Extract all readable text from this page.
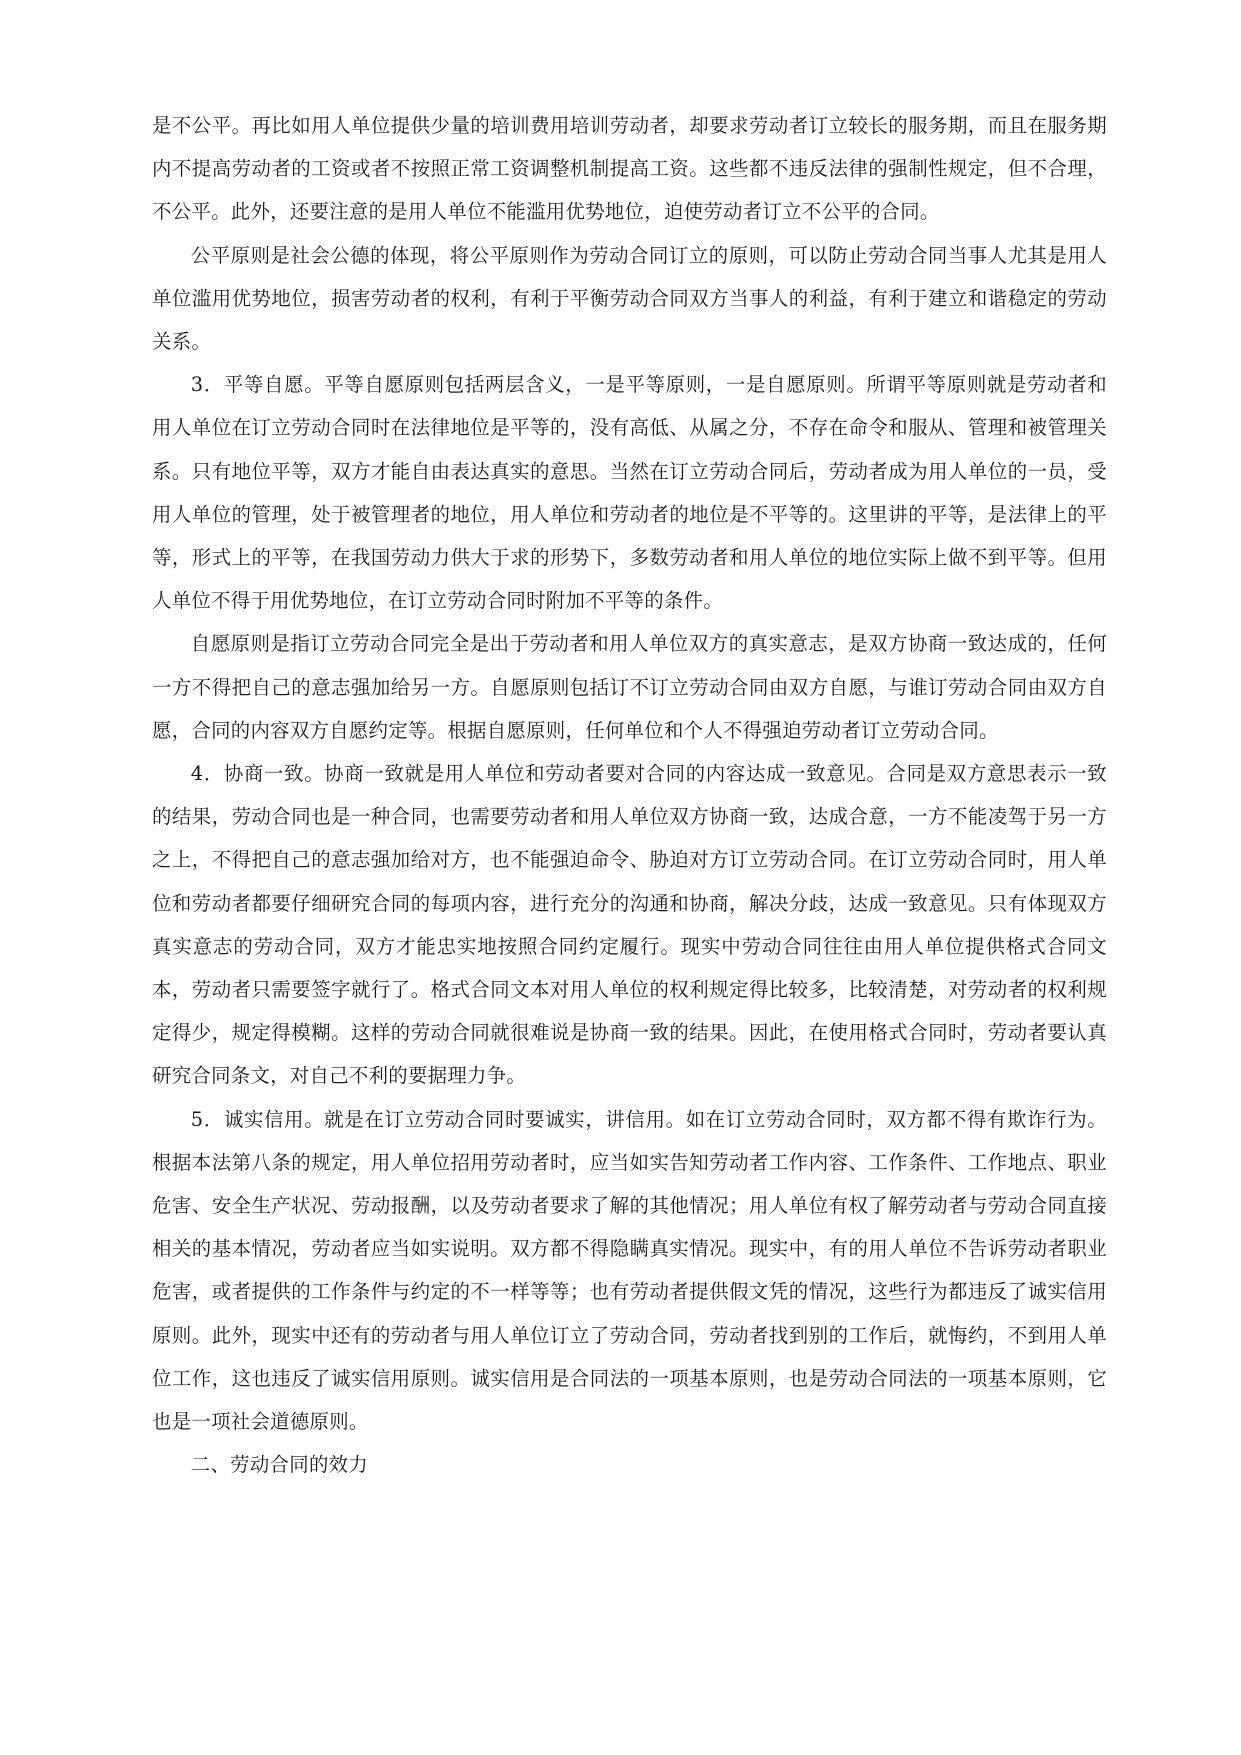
是不公平。再比如用人单位提供少量的培训费用培训劳动者，却要求劳动者订立较长的服务期，而且在服务期内不提高劳动者的工资或者不按照正常工资调整机制提高工资。这些都不违反法律的强制性规定，但不合理，不公平。此外，还要注意的是用人单位不能滥用优势地位，迫使劳动者订立不公平的合同。

公平原则是社会公德的体现，将公平原则作为劳动合同订立的原则，可以防止劳动合同当事人尤其是用人单位滥用优势地位，损害劳动者的权利，有利于平衡劳动合同双方当事人的利益，有利于建立和谐稳定的劳动关系。

3．平等自愿。平等自愿原则包括两层含义，一是平等原则，一是自愿原则。所谓平等原则就是劳动者和用人单位在订立劳动合同时在法律地位是平等的，没有高低、从属之分，不存在命令和服从、管理和被管理关系。只有地位平等，双方才能自由表达真实的意思。当然在订立劳动合同后，劳动者成为用人单位的一员，受用人单位的管理，处于被管理者的地位，用人单位和劳动者的地位是不平等的。这里讲的平等，是法律上的平等，形式上的平等，在我国劳动力供大于求的形势下，多数劳动者和用人单位的地位实际上做不到平等。但用人单位不得于用优势地位，在订立劳动合同时附加不平等的条件。

自愿原则是指订立劳动合同完全是出于劳动者和用人单位双方的真实意志，是双方协商一致达成的，任何一方不得把自己的意志强加给另一方。自愿原则包括订不订立劳动合同由双方自愿，与谁订劳动合同由双方自愿，合同的内容双方自愿约定等。根据自愿原则，任何单位和个人不得强迫劳动者订立劳动合同。

4．协商一致。协商一致就是用人单位和劳动者要对合同的内容达成一致意见。合同是双方意思表示一致的结果，劳动合同也是一种合同，也需要劳动者和用人单位双方协商一致，达成合意，一方不能凌驾于另一方之上，不得把自己的意志强加给对方，也不能强迫命令、胁迫对方订立劳动合同。在订立劳动合同时，用人单位和劳动者都要仔细研究合同的每项内容，进行充分的沟通和协商，解决分歧，达成一致意见。只有体现双方真实意志的劳动合同，双方才能忠实地按照合同约定履行。现实中劳动合同往往由用人单位提供格式合同文本，劳动者只需要签字就行了。格式合同文本对用人单位的权利规定得比较多，比较清楚，对劳动者的权利规定得少，规定得模糊。这样的劳动合同就很难说是协商一致的结果。因此，在使用格式合同时，劳动者要认真研究合同条文，对自己不利的要据理力争。

5．诚实信用。就是在订立劳动合同时要诚实，讲信用。如在订立劳动合同时，双方都不得有欺诈行为。根据本法第八条的规定，用人单位招用劳动者时，应当如实告知劳动者工作内容、工作条件、工作地点、职业危害、安全生产状况、劳动报酬，以及劳动者要求了解的其他情况；用人单位有权了解劳动者与劳动合同直接相关的基本情况，劳动者应当如实说明。双方都不得隐瞒真实情况。现实中，有的用人单位不告诉劳动者职业危害，或者提供的工作条件与约定的不一样等等；也有劳动者提供假文凭的情况，这些行为都违反了诚实信用原则。此外，现实中还有的劳动者与用人单位订立了劳动合同，劳动者找到别的工作后，就悔约，不到用人单位工作，这也违反了诚实信用原则。诚实信用是合同法的一项基本原则，也是劳动合同法的一项基本原则，它也是一项社会道德原则。

二、劳动合同的效力
